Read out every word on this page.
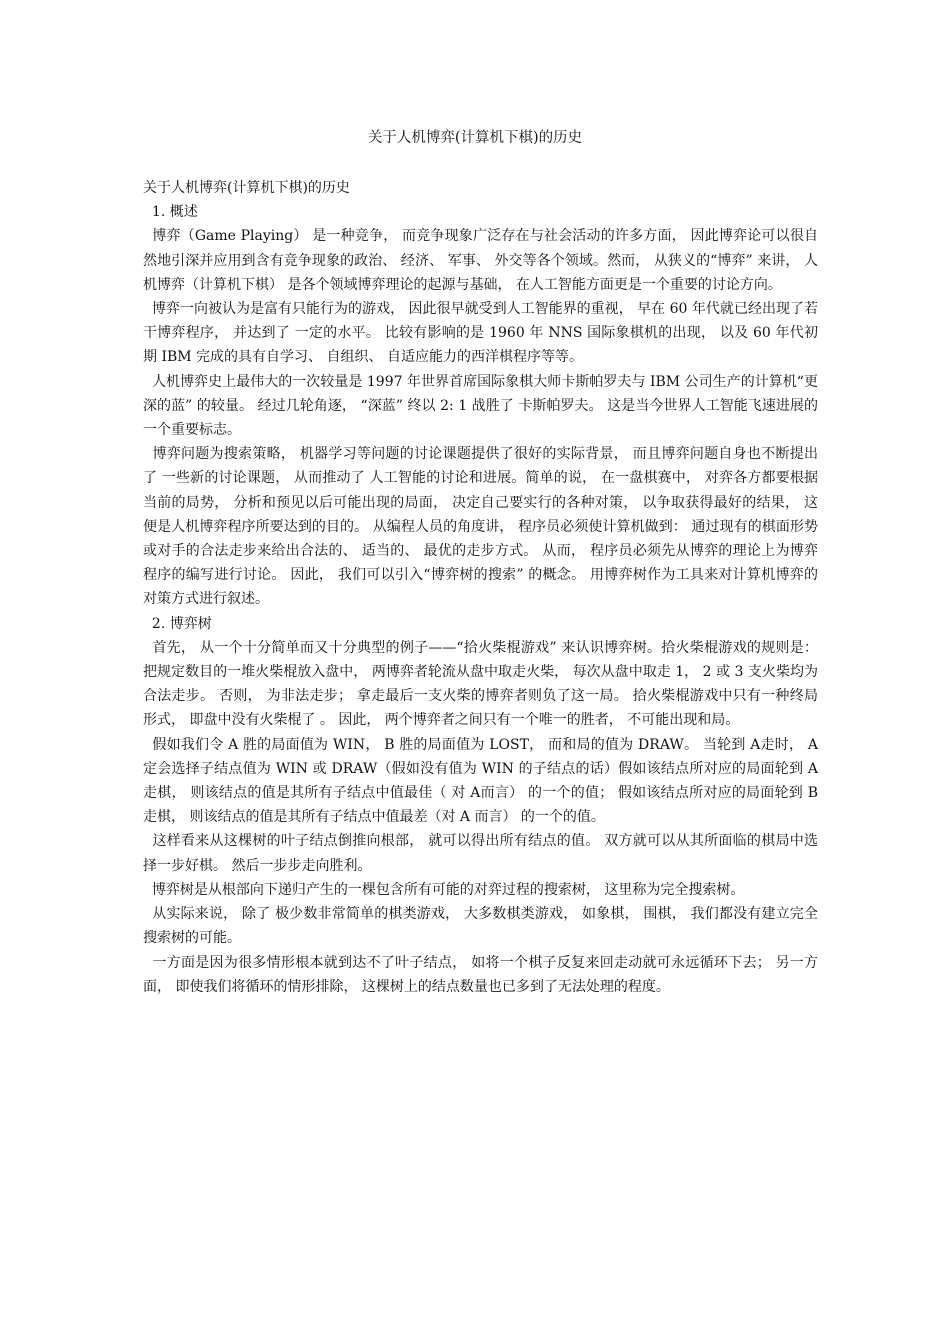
关于人机博弈(计算机下棋)的历史

关于人机博弈(计算机下棋)的历史

1. 概述

博弈（Game Playing） 是一种竞争， 而竞争现象广泛存在与社会活动的许多方面， 因此博弈论可以很自然地引深并应用到含有竞争现象的政治、 经济、 军事、 外交等各个领域。然而， 从狭义的“博弈” 来讲， 人机博弈（计算机下棋） 是各个领域博弈理论的起源与基础， 在人工智能方面更是一个重要的讨论方向。

博弈一向被认为是富有只能行为的游戏， 因此很早就受到人工智能界的重视， 早在 60 年代就已经出现了若干博弈程序， 并达到了 一定的水平。 比较有影响的是 1960 年 NNS 国际象棋机的出现， 以及 60 年代初期 IBM 完成的具有自学习、 自组织、 自适应能力的西洋棋程序等等。

人机博弈史上最伟大的一次较量是 1997 年世界首席国际象棋大师卡斯帕罗夫与 IBM 公司生产的计算机“更深的蓝” 的较量。 经过几轮角逐， “深蓝” 终以 2: 1 战胜了 卡斯帕罗夫。 这是当今世界人工智能飞速进展的一个重要标志。

博弈问题为搜索策略， 机器学习等问题的讨论课题提供了很好的实际背景， 而且博弈问题自身也不断提出了 一些新的讨论课题， 从而推动了 人工智能的讨论和进展。简单的说， 在一盘棋赛中， 对弈各方都要根据当前的局势， 分析和预见以后可能出现的局面， 决定自己要实行的各种对策， 以争取获得最好的结果， 这便是人机博弈程序所要达到的目的。 从编程人员的角度讲， 程序员必须使计算机做到： 通过现有的棋面形势或对手的合法走步来给出合法的、 适当的、 最优的走步方式。 从而， 程序员必须先从博弈的理论上为博弈程序的编写进行讨论。 因此， 我们可以引入“博弈树的搜索” 的概念。 用博弈树作为工具来对计算机博弈的对策方式进行叙述。

2. 博弈树

首先， 从一个十分简单而又十分典型的例子——“拾火柴棍游戏” 来认识博弈树。拾火柴棍游戏的规则是： 把规定数目的一堆火柴棍放入盘中， 两博弈者轮流从盘中取走火柴， 每次从盘中取走 1， 2 或 3 支火柴均为合法走步。 否则， 为非法走步； 拿走最后一支火柴的博弈者则负了这一局。 拾火柴棍游戏中只有一种终局形式， 即盘中没有火柴棍了 。 因此， 两个博弈者之间只有一个唯一的胜者， 不可能出现和局。

假如我们令 A 胜的局面值为 WIN， B 胜的局面值为 LOST， 而和局的值为 DRAW。 当轮到 A走时， A 定会选择子结点值为 WIN 或 DRAW（假如没有值为 WIN 的子结点的话）假如该结点所对应的局面轮到 A 走棋， 则该结点的值是其所有子结点中值最佳（ 对 A而言） 的一个的值； 假如该结点所对应的局面轮到 B 走棋， 则该结点的值是其所有子结点中值最差（对 A 而言） 的一个的值。

这样看来从这棵树的叶子结点倒推向根部， 就可以得出所有结点的值。 双方就可以从其所面临的棋局中选择一步好棋。 然后一步步走向胜利。

博弈树是从根部向下递归产生的一棵包含所有可能的对弈过程的搜索树， 这里称为完全搜索树。

从实际来说， 除了 极少数非常简单的棋类游戏， 大多数棋类游戏， 如象棋， 围棋， 我们都没有建立完全搜索树的可能。

一方面是因为很多情形根本就到达不了叶子结点， 如将一个棋子反复来回走动就可永远循环下去； 另一方面， 即使我们将循环的情形排除， 这棵树上的结点数量也已多到了无法处理的程度。
